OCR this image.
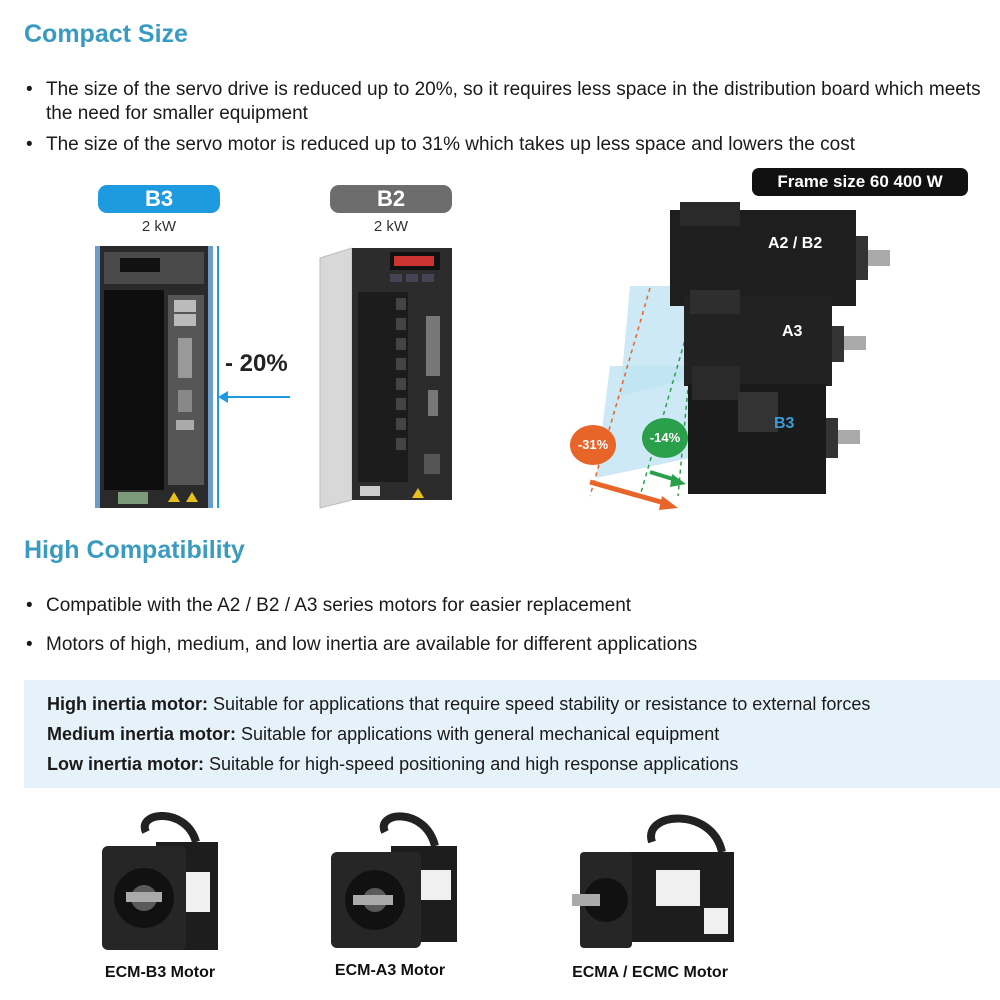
Compact Size
• The size of the servo drive is reduced up to 20%, so it requires less space in the distribution board which meets the need for smaller equipment
• The size of the servo motor is reduced up to 31% which takes up less space and lowers the cost
B3
2 kW
B2
2 kW
- 20%
Frame size 60 400 W
A2 / B2
A3
B3
-31%	-14%
High Compatibility
• Compatible with the A2 / B2 / A3 series motors for easier replacement
• Motors of high, medium, and low inertia are available for different applications
High inertia motor: Suitable for applications that require speed stability or resistance to external forces
Medium inertia motor: Suitable for applications with general mechanical equipment
Low inertia motor: Suitable for high-speed positioning and high response applications
ECM-B3 Motor	ECM-A3 Motor	ECMA / ECMC Motor
